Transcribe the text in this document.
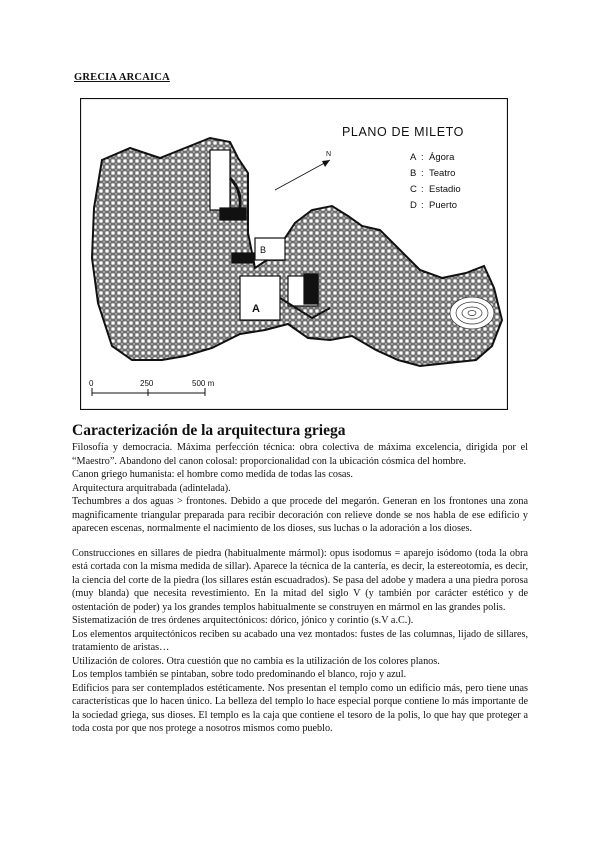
GRECIA ARCAICA
A
B
PLANO DE MILETO
N	A : Ágora
B : Teatro
C : Estadio
D : Puerto
0	250	500 m
Caracterización de la arquitectura griega

Filosofía y democracia. Máxima perfección técnica: obra colectiva de máxima excelencia, dirigida por el “Maestro”. Abandono del canon colosal: proporcionalidad con la ubicación cósmica del hombre.

Canon griego humanista: el hombre como medida de todas las cosas.

Arquitectura arquitrabada (adintelada).

Techumbres a dos aguas > frontones. Debido a que procede del megarón. Generan en los frontones una zona magnificamente triangular preparada para recibir decoración con relieve donde se nos habla de ese edificio y aparecen escenas, normalmente el nacimiento de los dioses, sus luchas o la adoración a los dioses.

Construcciones en sillares de piedra (habitualmente mármol): opus isodomus = aparejo isódomo (toda la obra está cortada con la misma medida de sillar). Aparece la técnica de la cantería, es decir, la estereotomía, es decir, la ciencia del corte de la piedra (los sillares están escuadrados). Se pasa del adobe y madera a una piedra porosa (muy blanda) que necesita revestimiento. En la mitad del siglo V (y también por carácter estético y de ostentación de poder) ya los grandes templos habitualmente se construyen en mármol en las grandes polis.

Sistematización de tres órdenes arquitectónicos: dórico, jónico y corintio (s.V a.C.).

Los elementos arquitectónicos reciben su acabado una vez montados: fustes de las columnas, lijado de sillares, tratamiento de aristas…

Utilización de colores. Otra cuestión que no cambia es la utilización de los colores planos.

Los templos también se pintaban, sobre todo predominando el blanco, rojo y azul.

Edificios para ser contemplados estéticamente. Nos presentan el templo como un edificio más, pero tiene unas características que lo hacen único. La belleza del templo lo hace especial porque contiene lo más importante de la sociedad griega, sus dioses. El templo es la caja que contiene el tesoro de la polis, lo que hay que proteger a toda costa por que nos protege a nosotros mismos como pueblo.
